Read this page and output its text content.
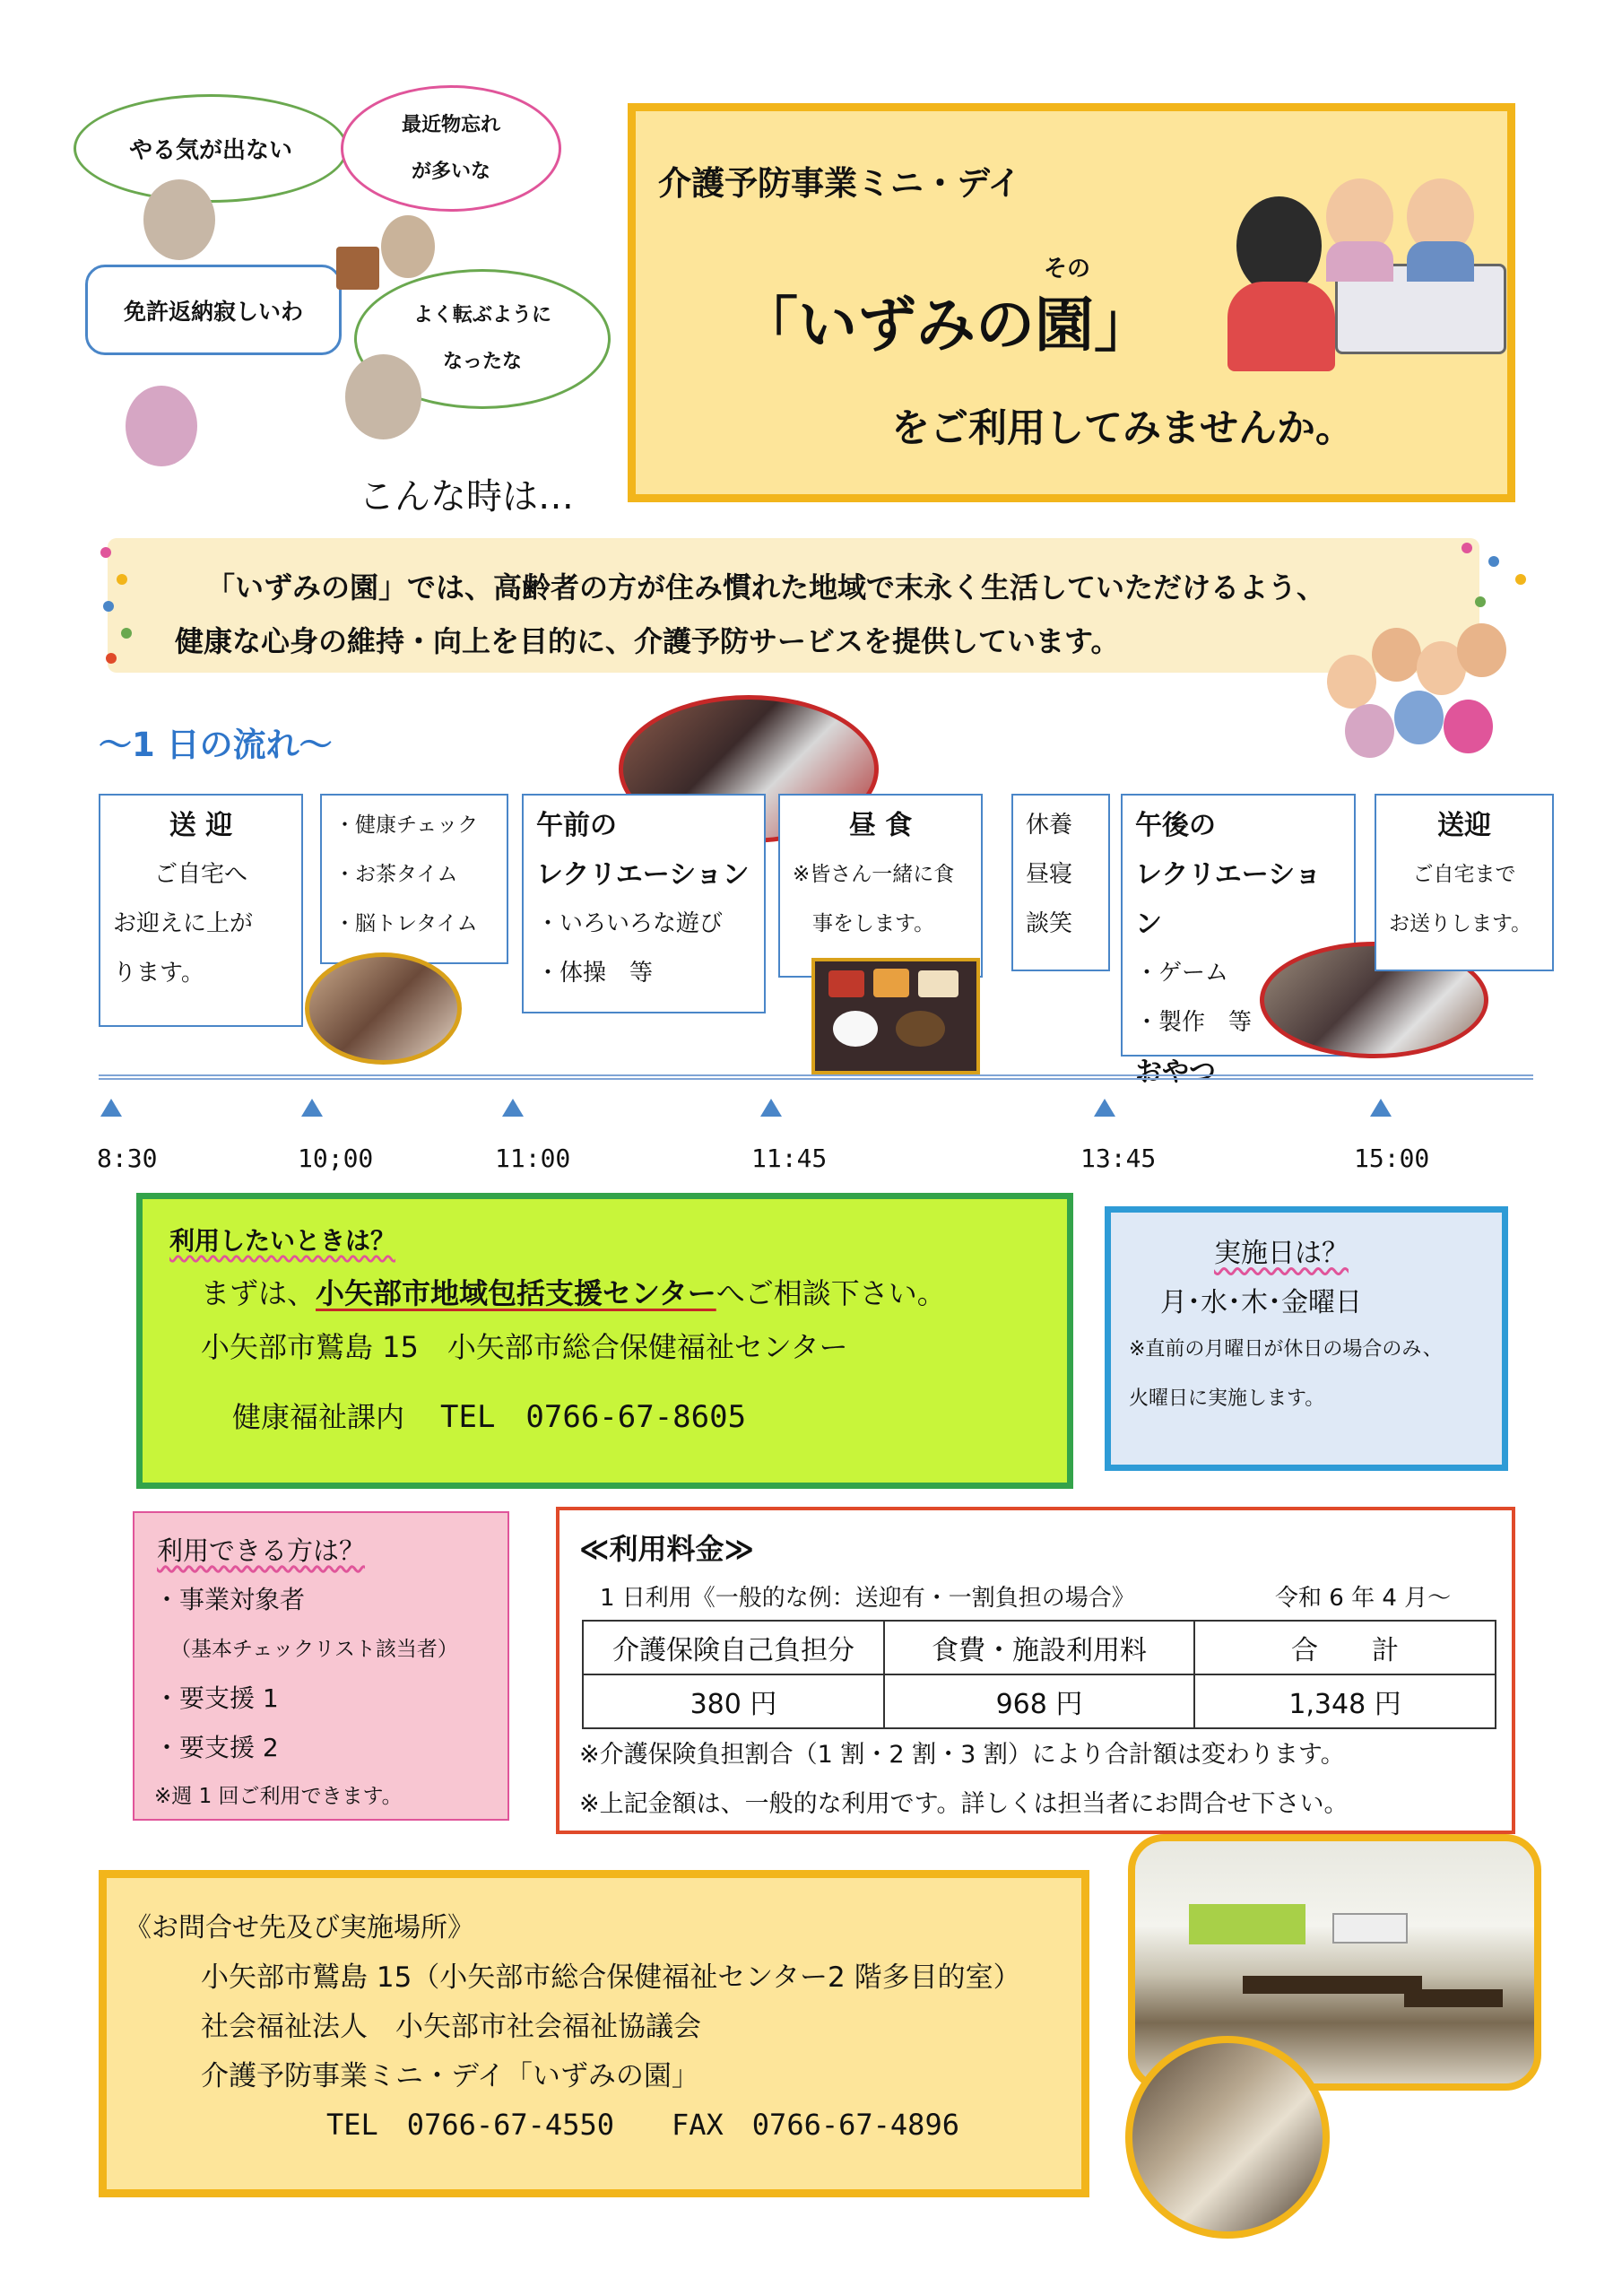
やる気が出ない
最近物忘れ
が多いな
免許返納寂しいわ	よく転ぶように
なったな
こんな時は…
介護予防事業ミニ・デイ
その
「いずみの園」
をご利用してみませんか。
「いずみの園」では、高齢者の方が住み慣れた地域で末永く生活していただけるよう、
健康な心身の維持・向上を目的に、介護予防サービスを提供しています。
～1 日の流れ～
送 迎
ご自宅へ
お迎えに上が
ります。
・健康チェック
・お茶タイム
・脳トレタイム
午前の
レクリエーション
・いろいろな遊び
・体操　等
昼 食
※皆さん一緒に食
事をします。
休養
昼寝
談笑
午後の
レクリエーション
・ゲーム
・製作　等
おやつ
送迎
ご自宅まで
お送りします。
8:30	10;00	11:00	11:45	13:45	15:00
利用したいときは？
まずは、小矢部市地域包括支援センターへご相談下さい。
小矢部市鷲島 15　小矢部市総合保健福祉センター
健康福祉課内 TEL　0766-67-8605
実施日は？
月･水･木･金曜日
※直前の月曜日が休日の場合のみ、
火曜日に実施します。
利用できる方は？
・事業対象者
（基本チェックリスト該当者）
・要支援 1
・要支援 2
※週 1 回ご利用できます。
≪利用料金≫
1 日利用《一般的な例：送迎有・一割負担の場合》	令和 6 年 4 月～
介護保険自己負担分	食費・施設利用料	合　　計
380 円	968 円	1,348 円
※介護保険負担割合（1 割・2 割・3 割）により合計額は変わります。
※上記金額は、一般的な利用です。詳しくは担当者にお問合せ下さい。
《お問合せ先及び実施場所》
小矢部市鷲島 15（小矢部市総合保健福祉センター2 階多目的室）
社会福祉法人　小矢部市社会福祉協議会
介護予防事業ミニ・デイ「いずみの園」
TEL　0766-67-4550　　FAX　0766-67-4896
